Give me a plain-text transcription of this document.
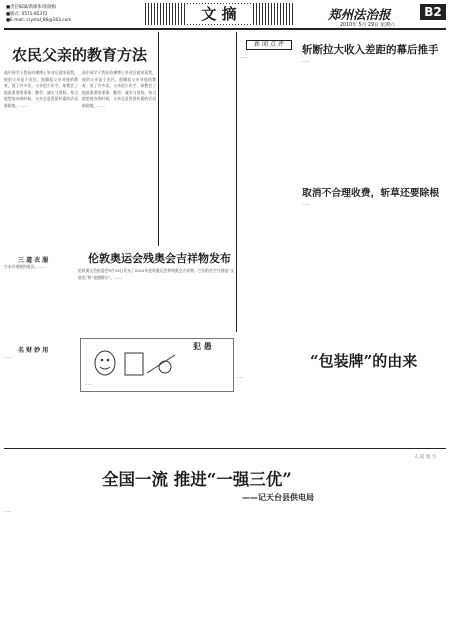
■责任编辑/新媒体/崔晓梅
■版式: 0571-85372
■E-mail: crystal_86@163.com	文 摘	郑州法治报	B2
2010年 5月 29日 星期六
农民父亲的教育方法
高中同学于我从哈佛博士毕业后就来看我，他的父亲是个农民。他聊起父亲对他的教育，说了许多话。父亲很少识字，却教会了他最重要的事情：勤劳、诚实与坚持。每当他想放弃的时候，父亲总是用最朴素的话语鼓励他。……
高中同学于我从哈佛博士毕业后就来看我，他的父亲是个农民。他聊起父亲对他的教育，说了许多话。父亲很少识字，却教会了他最重要的事情：勤劳、诚实与坚持。每当他想放弃的时候，父亲总是用最朴素的话语鼓励他。……
三 道 衣 服
古未有道袍的说法。……
名 财 妙 用
……
伦敦奥运会残奥会吉祥物发布
伦敦奥运会组委会5月19日发布了2012年伦敦奥运会和残奥会吉祥物，它们的名字分别是“文洛克”和“曼德维尔”。……
犯 愚
……
新 闻 点 评
……
斩断拉大收入差距的幕后推手
……
取消不合理收费，斩草还要除根
……
“包装牌”的由来
……
全国一流 推进“一强三优”
——记天台县供电局
……
人 民 电 力
